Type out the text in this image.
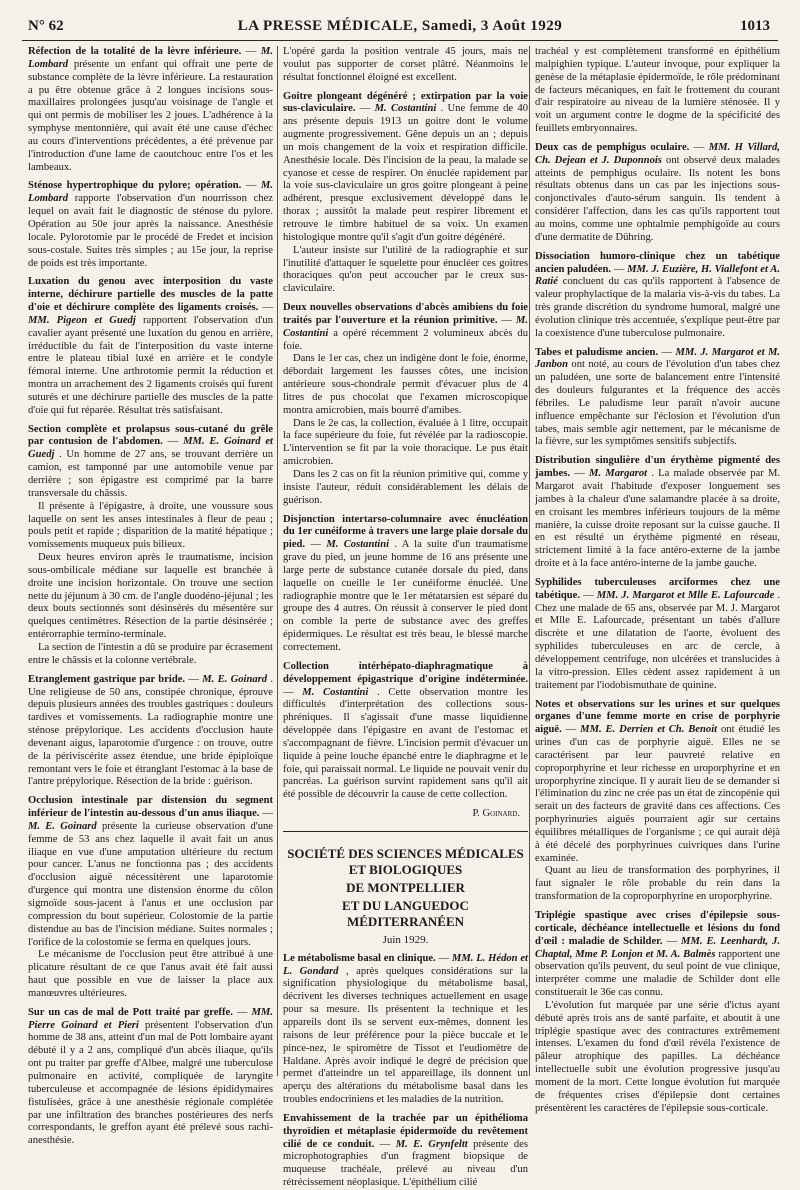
N° 62	LA PRESSE MÉDICALE, Samedi, 3 Août 1929	1013

Réfection de la totalité de la lèvre inférieure. — M. Lombard présente un enfant qui offrait une perte de substance complète de la lèvre inférieure. La restauration a pu être obtenue grâce à 2 longues incisions sous-maxillaires prolongées jusqu'au voisinage de l'angle et qui ont permis de mobiliser les 2 joues. L'adhérence à la symphyse mentonnière, qui avait été une cause d'échec au cours d'interventions précédentes, a été prévenue par l'introduction d'une lame de caoutchouc entre l'os et les lambeaux.

Sténose hypertrophique du pylore; opération. — M. Lombard rapporte l'observation d'un nourrisson chez lequel on avait fait le diagnostic de sténose du pylore. Opération au 50e jour après la naissance. Anesthésie locale. Pylorotomie par le procédé de Fredet et incision sous-costale. Suites très simples ; au 15e jour, la reprise de poids est très importante.

Luxation du genou avec interposition du vaste interne, déchirure partielle des muscles de la patte d'oie et déchirure complète des ligaments croisés. — MM. Pigeon et Guedj rapportent l'observation d'un cavalier ayant présenté une luxation du genou en arrière, irréductible du fait de l'interposition du vaste interne entre le plateau tibial luxé en arrière et le condyle fémoral interne. Une arthrotomie permit la réduction et montra un arrachement des 2 ligaments croisés qui furent suturés et une déchirure partielle des muscles de la patte d'oie qui fut réparée. Résultat très satisfaisant.

Section complète et prolapsus sous-cutané du grêle par contusion de l'abdomen. — MM. E. Goinard et Guedj . Un homme de 27 ans, se trouvant derrière un camion, est tamponné par une automobile venue par derrière ; son épigastre est comprimé par la barre transversale du châssis.

Il présente à l'épigastre, à droite, une voussure sous laquelle on sent les anses intestinales à fleur de peau ; pouls petit et rapide ; disparition de la matité hépatique ; vomissements muqueux puis bilieux.

Deux heures environ après le traumatisme, incision sous-ombilicale médiane sur laquelle est branchée à droite une incision horizontale. On trouve une section nette du jéjunum à 30 cm. de l'angle duodéno-jéjunal ; les deux bouts sectionnés sont désinsérés du mésentère sur quelques centimètres. Résection de la partie désinsérée ; entérorraphie termino-terminale.

La section de l'intestin a dû se produire par écrasement entre le châssis et la colonne vertébrale.

Etranglement gastrique par bride. — M. E. Goinard . Une religieuse de 50 ans, constipée chronique, éprouve depuis plusieurs années des troubles gastriques : douleurs tardives et vomissements. La radiographie montre une sténose prépylorique. Les accidents d'occlusion haute devenant aigus, laparotomie d'urgence : on trouve, outre de la périviscérite assez étendue, une bride épiploïque remontant vers le foie et étranglant l'estomac à la base de l'antre prépylorique. Résection de la bride : guérison.

Occlusion intestinale par distension du segment inférieur de l'intestin au-dessous d'un anus iliaque. — M. E. Goinard présente la curieuse observation d'une femme de 53 ans chez laquelle il avait fait un anus iliaque en vue d'une amputation ultérieure du rectum pour cancer. L'anus ne fonctionna pas ; des accidents d'occlusion aiguë nécessitèrent une laparotomie d'urgence qui montra une distension énorme du côlon sigmoïde sous-jacent à l'anus et une occlusion par compression du bout supérieur. Colostomie de la partie distendue au bas de l'incision médiane. Suites normales ; l'orifice de la colostomie se ferma en quelques jours.

Le mécanisme de l'occlusion peut être attribué à une plicature résultant de ce que l'anus avait été fait aussi haut que possible en vue de laisser la place aux manœuvres ultérieures.

Sur un cas de mal de Pott traité par greffe. — MM. Pierre Goinard et Pieri présentent l'observation d'un homme de 38 ans, atteint d'un mal de Pott lombaire ayant débuté il y a 2 ans, compliqué d'un abcès iliaque, qu'ils ont pu traiter par greffe d'Albee, malgré une tuberculose pulmonaire en activité, compliquée de laryngite tuberculeuse et accompagnée de lésions épididymaires fistulisées, grâce à une anesthésie régionale complétée par une infiltration des branches postérieures des nerfs correspondants, le greffon ayant été prélevé sous rachi-anesthésie.

L'opéré garda la position ventrale 45 jours, mais ne voulut pas supporter de corset plâtré. Néanmoins le résultat fonctionnel éloigné est excellent.

Goitre plongeant dégénéré ; extirpation par la voie sus-claviculaire. — M. Costantini . Une femme de 40 ans présente depuis 1913 un goitre dont le volume augmente progressivement. Gêne depuis un an ; depuis un mois changement de la voix et respiration difficile. Anesthésie locale. Dès l'incision de la peau, la malade se cyanose et cesse de respirer. On énuclée rapidement par la voie sus-claviculaire un gros goitre plongeant à peine adhérent, presque exclusivement développé dans le thorax ; aussitôt la malade peut respirer librement et retrouve le timbre habituel de sa voix. Un examen histologique montre qu'il s'agit d'un goitre dégénéré.

L'auteur insiste sur l'utilité de la radiographie et sur l'inutilité d'attaquer le squelette pour énucléer ces goitres thoraciques qu'on peut accoucher par le creux sus-claviculaire.

Deux nouvelles observations d'abcès amibiens du foie traités par l'ouverture et la réunion primitive. — M. Costantini a opéré récemment 2 volumineux abcès du foie.

Dans le 1er cas, chez un indigène dont le foie, énorme, débordait largement les fausses côtes, une incision antérieure sous-chondrale permit d'évacuer plus de 4 litres de pus chocolat que l'examen microscopique montra amicrobien, mais bourré d'amibes.

Dans le 2e cas, la collection, évaluée à 1 litre, occupait la face supérieure du foie, fut révélée par la radioscopie. L'intervention se fit par la voie thoracique. Le pus était amicrobien.

Dans les 2 cas on fit la réunion primitive qui, comme y insiste l'auteur, réduit considérablement les délais de guérison.

Disjonction intertarso-columnaire avec énucléation du 1er cunéiforme à travers une large plaie dorsale du pied. — M. Costantini . A la suite d'un traumatisme grave du pied, un jeune homme de 16 ans présente une large perte de substance cutanée dorsale du pied, dans laquelle on cueille le 1er cunéiforme énucléé. Une radiographie montre que le 1er métatarsien est séparé du groupe des 4 autres. On réussit à conserver le pied dont on comble la perte de substance avec des greffes épidermiques. Le résultat est très beau, le blessé marche correctement.

Collection intérhépato-diaphragmatique à développement épigastrique d'origine indéterminée. — M. Costantini . Cette observation montre les difficultés d'interprétation des collections sous-phréniques. Il s'agissait d'une masse liquidienne développée dans l'épigastre en avant de l'estomac et s'accompagnant de fièvre. L'incision permit d'évacuer un liquide à peine louche épanché entre le diaphragme et le foie, qui paraissait normal. Le liquide ne pouvait venir du pancréas. La guérison survint rapidement sans qu'il ait été possible de découvrir la cause de cette collection.

P. Goinard.
SOCIÉTÉ DES SCIENCES MÉDICALES ET BIOLOGIQUES
DE MONTPELLIER
ET DU LANGUEDOC MÉDITERRANÉEN
Juin 1929.

Le métabolisme basal en clinique. — MM. L. Hédon et L. Gondard , après quelques considérations sur la signification physiologique du métabolisme basal, décrivent les diverses techniques actuellement en usage pour sa mesure. Ils présentent la technique et les appareils dont ils se servent eux-mêmes, donnent les raisons de leur préférence pour la pièce buccale et le pince-nez, le spiromètre de Tissot et l'eudiomètre de Haldane. Après avoir indiqué le degré de précision que permet d'atteindre un tel appareillage, ils donnent un aperçu des altérations du métabolisme basal dans les troubles endocriniens et les maladies de la nutrition.

Envahissement de la trachée par un épithélioma thyroïdien et métaplasie épidermoïde du revêtement cilié de ce conduit. — M. E. Grynfeltt présente des microphotographies d'un fragment biopsique de muqueuse trachéale, prélevé au niveau d'un rétrécissement néoplasique. L'épithélium cilié

trachéal y est complètement transformé en épithélium malpighien typique. L'auteur invoque, pour expliquer la genèse de la métaplasie épidermoïde, le rôle prédominant de facteurs mécaniques, en fait le frottement du courant d'air respiratoire au niveau de la lumière sténosée. Il y voit un argument contre le dogme de la spécificité des feuillets embryonnaires.

Deux cas de pemphigus oculaire. — MM. H Villard, Ch. Dejean et J. Duponnois ont observé deux malades atteints de pemphigus oculaire. Ils notent les bons résultats obtenus dans un cas par les injections sous-conjonctivales d'auto-sérum sanguin. Ils tendent à considérer l'affection, dans les cas qu'ils rapportent tout au moins, comme une ophtalmie pemphigoïde au cours d'une dermatite de Dühring.

Dissociation humoro-clinique chez un tabétique ancien paludéen. — MM. J. Euzière, H. Viallefont et A. Ratié concluent du cas qu'ils rapportent à l'absence de valeur prophylactique de la malaria vis-à-vis du tabes. La très grande discrétion du syndrome humoral, malgré une évolution clinique très accentuée, s'explique peut-être par la coexistence d'une tuberculose pulmonaire.

Tabes et paludisme ancien. — MM. J. Margarot et M. Janbon ont noté, au cours de l'évolution d'un tabes chez un paludéen, une sorte de balancement entre l'intensité des douleurs fulgurantes et la fréquence des accès fébriles. Le paludisme leur paraît n'avoir aucune influence empêchante sur l'éclosion et l'évolution d'un tabes, mais semble agir nettement, par le mécanisme de la fièvre, sur les symptômes sensitifs subjectifs.

Distribution singulière d'un érythème pigmenté des jambes. — M. Margarot . La malade observée par M. Margarot avait l'habitude d'exposer longuement ses jambes à la chaleur d'une salamandre placée à sa droite, en croisant les membres inférieurs toujours de la même manière, la cuisse droite reposant sur la cuisse gauche. Il en est résulté un érythème pigmenté en réseau, strictement limité à la face antéro-externe de la jambe droite et à la face antéro-interne de la jambe gauche.

Syphilides tuberculeuses arciformes chez une tabétique. — MM. J. Margarot et Mlle E. Lafourcade . Chez une malade de 65 ans, observée par M. J. Margarot et Mlle E. Lafourcade, présentant un tabès d'allure discrète et une dilatation de l'aorte, évoluent des syphilides tuberculeuses en arc de cercle, à développement centrifuge, non ulcérées et translucides à la vitro-pression. Elles cèdent assez rapidement à un traitement par l'iodobismuthate de quinine.

Notes et observations sur les urines et sur quelques organes d'une femme morte en crise de porphyrie aiguë. — MM. E. Derrien et Ch. Benoit ont étudié les urines d'un cas de porphyrie aiguë. Elles ne se caractérisent par leur pauvreté relative en coproporphyrine et leur richesse en uroporphyrine et en uroporphyrine zincique. Il y aurait lieu de se demander si l'élimination du zinc ne crée pas un état de zincopénie qui serait un des facteurs de gravité dans ces affections. Ces porphyrinuries aiguës pourraient agir sur certains équilibres métalliques de l'organisme ; ce qui aurait déjà à été décelé des porphyrinues cuivriques dans l'urine examinée.

Quant au lieu de transformation des porphyrines, il faut signaler le rôle probable du rein dans la transformation de la coproporphyrine en uroporphyrine.

Triplégie spastique avec crises d'épilepsie sous-corticale, déchéance intellectuelle et lésions du fond d'œil : maladie de Schilder. — MM. E. Leenhardt, J. Chaptal, Mme P. Lonjon et M. A. Balmès rapportent une observation qu'ils peuvent, du seul point de vue clinique, interpréter comme une maladie de Schilder dont elle constituerait le 36e cas connu.

L'évolution fut marquée par une série d'ictus ayant débuté après trois ans de santé parfaite, et aboutit à une triplégie spastique avec des contractures extrêmement intenses. L'examen du fond d'œil révéla l'existence de pâleur atrophique des papilles. La déchéance intellectuelle subit une évolution progressive jusqu'au moment de la mort. Cette longue évolution fut marquée de fréquentes crises d'épilepsie dont certaines présentèrent les caractères de l'épilepsie sous-corticale.
